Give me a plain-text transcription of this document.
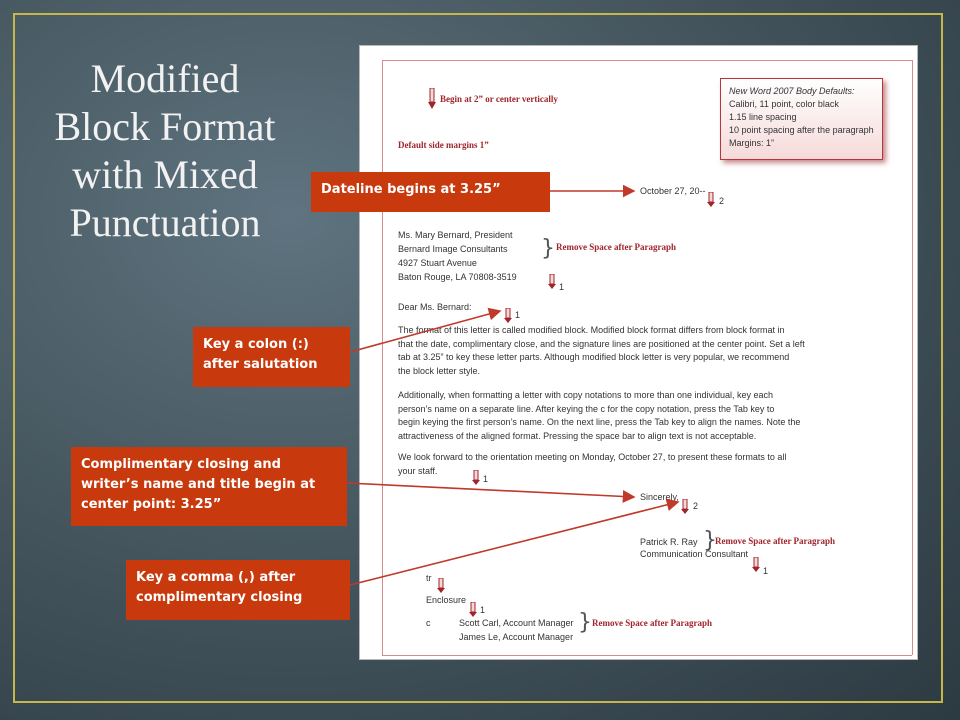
Modified
Block Format
with Mixed
Punctuation
Begin at 2” or center vertically
Default side margins 1”
New Word 2007 Body Defaults:
Calibri, 11 point, color black
1.15 line spacing
10 point spacing after the paragraph
Margins: 1”
October 27, 20--
2
Ms. Mary Bernard, President
Bernard Image Consultants
4927 Stuart Avenue
Baton Rouge, LA 70808-3519
} Remove Space after Paragraph
1
Dear Ms. Bernard:
1
The format of this letter is called modified block. Modified block format differs from block format in
that the date, complimentary close, and the signature lines are positioned at the center point. Set a left
tab at 3.25” to key these letter parts. Although modified block letter is very popular, we recommend
the block letter style.
Additionally, when formatting a letter with copy notations to more than one individual, key each
person’s name on a separate line. After keying the c for the copy notation, press the Tab key to
begin keying the first person’s name. On the next line, press the Tab key to align the names. Note the
attractiveness of the aligned format. Pressing the space bar to align text is not acceptable.
We look forward to the orientation meeting on Monday, October 27, to present these formats to all
your staff.
1
Sincerely,
2
Patrick R. Ray
Communication Consultant
}
Remove Space after Paragraph
1
tr
Enclosure
1
c	Scott Carl, Account Manager
James Le, Account Manager
} Remove Space after Paragraph
Dateline begins at 3.25”
Key a colon (:)
after salutation
Complimentary closing and
writer’s name and title begin at
center point: 3.25”
Key a comma (,) after
complimentary closing
